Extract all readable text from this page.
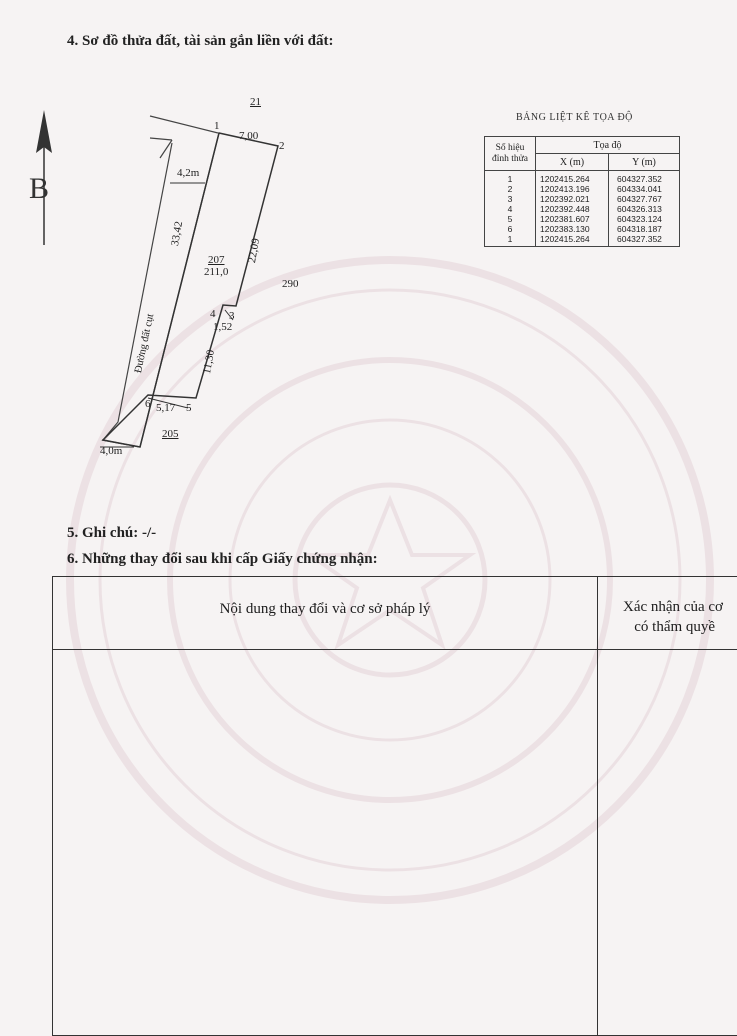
4. Sơ đồ thửa đất, tài sản gắn liền với đất:
B
21
205
290
207
211,0
7,00
33,42
22,09
11,30
1,52
5,17
4,2m
4,0m
Đường đất cụt
1
2
3
4
5
6
BẢNG LIỆT KÊ TỌA ĐỘ
Số hiệu đỉnh thửa	Tọa độ	
	X (m)	Y (m)
1	1202415.264	604327.352
2	1202413.196	604334.041
3	1202392.021	604327.767
4	1202392.448	604326.313
5	1202381.607	604323.124
6	1202383.130	604318.187
1	1202415.264	604327.352
5. Ghi chú: -/-
6. Những thay đổi sau khi cấp Giấy chứng nhận:
Nội dung thay đổi và cơ sở pháp lý	Xác nhận của cơ
có thẩm quyề
